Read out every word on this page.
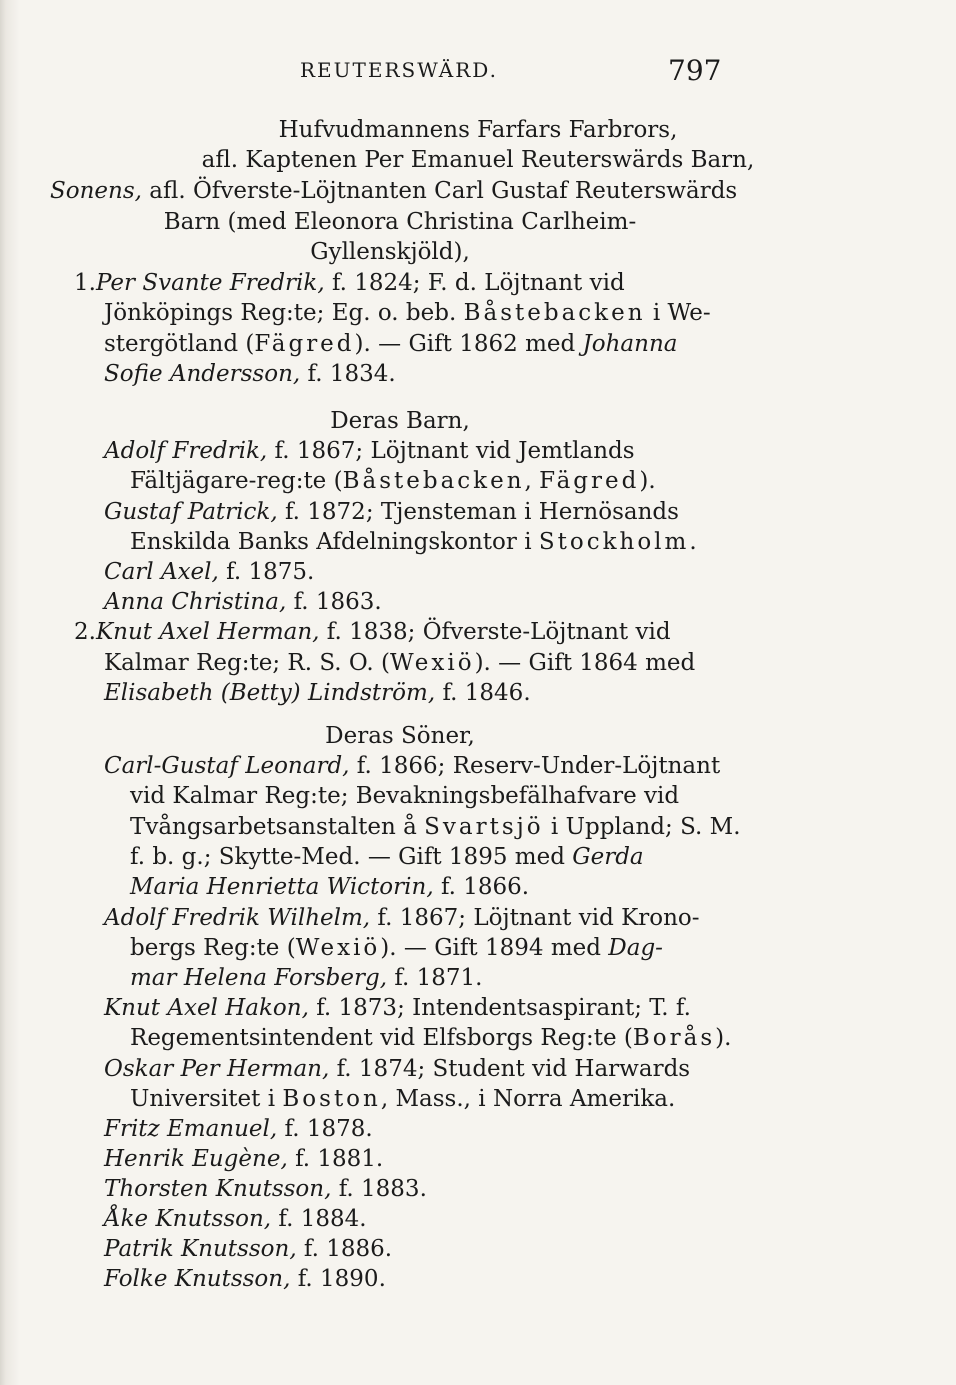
REUTERSWÄRD.	797
Hufvudmannens Farfars Farbrors,
afl. Kaptenen Per Emanuel Reuterswärds Barn,
Sonens, afl. Öfverste-Löjtnanten Carl Gustaf Reuterswärds
Barn (med Eleonora Christina Carlheim-
Gyllenskjöld),
1.Per Svante Fredrik, f. 1824; F. d. Löjtnant vid
Jönköpings Reg:te; Eg. o. beb. Båstebacken i We-
stergötland (Fägred). — Gift 1862 med Johanna
Sofie Andersson, f. 1834.
Deras Barn,
Adolf Fredrik, f. 1867; Löjtnant vid Jemtlands
Fältjägare-reg:te (Båstebacken, Fägred).
Gustaf Patrick, f. 1872; Tjensteman i Hernösands
Enskilda Banks Afdelningskontor i Stockholm.
Carl Axel, f. 1875.
Anna Christina, f. 1863.
2.Knut Axel Herman, f. 1838; Öfverste-Löjtnant vid
Kalmar Reg:te; R. S. O. (Wexiö). — Gift 1864 med
Elisabeth (Betty) Lindström, f. 1846.
Deras Söner,
Carl-Gustaf Leonard, f. 1866; Reserv-Under-Löjtnant
vid Kalmar Reg:te; Bevakningsbefälhafvare vid
Tvångsarbetsanstalten å Svartsjö i Uppland; S. M.
f. b. g.; Skytte-Med. — Gift 1895 med Gerda
Maria Henrietta Wictorin, f. 1866.
Adolf Fredrik Wilhelm, f. 1867; Löjtnant vid Krono-
bergs Reg:te (Wexiö). — Gift 1894 med Dag-
mar Helena Forsberg, f. 1871.
Knut Axel Hakon, f. 1873; Intendentsaspirant; T. f.
Regementsintendent vid Elfsborgs Reg:te (Borås).
Oskar Per Herman, f. 1874; Student vid Harwards
Universitet i Boston, Mass., i Norra Amerika.
Fritz Emanuel, f. 1878.
Henrik Eugène, f. 1881.
Thorsten Knutsson, f. 1883.
Åke Knutsson, f. 1884.
Patrik Knutsson, f. 1886.
Folke Knutsson, f. 1890.
